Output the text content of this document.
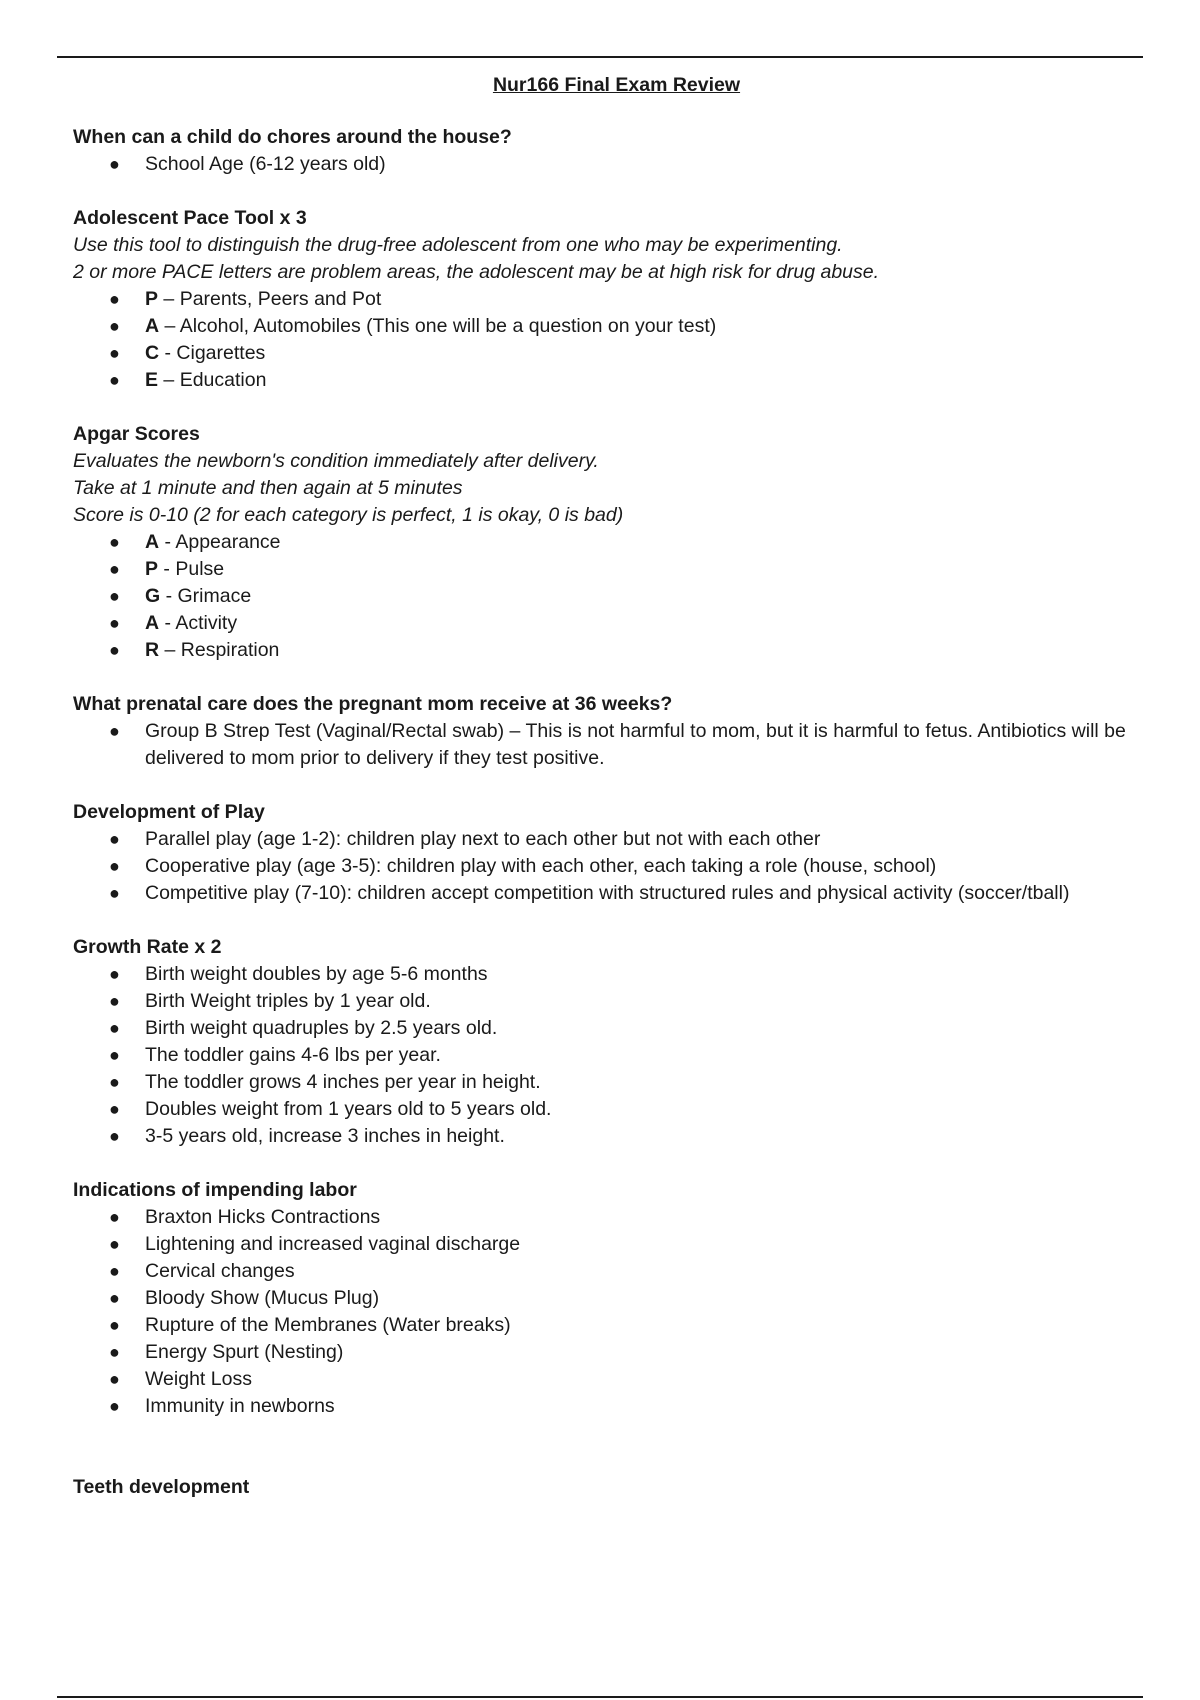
Nur166 Final Exam Review
When can a child do chores around the house?
● School Age (6-12 years old)
Adolescent Pace Tool x 3
Use this tool to distinguish the drug-free adolescent from one who may be experimenting.
2 or more PACE letters are problem areas, the adolescent may be at high risk for drug abuse.
● P – Parents, Peers and Pot
● A – Alcohol, Automobiles (This one will be a question on your test)
● C - Cigarettes
● E – Education
Apgar Scores
Evaluates the newborn's condition immediately after delivery.
Take at 1 minute and then again at 5 minutes
Score is 0-10 (2 for each category is perfect, 1 is okay, 0 is bad)
● A - Appearance
● P - Pulse
● G - Grimace
● A - Activity
● R – Respiration
What prenatal care does the pregnant mom receive at 36 weeks?
● Group B Strep Test (Vaginal/Rectal swab) – This is not harmful to mom, but it is harmful to fetus. Antibiotics will be delivered to mom prior to delivery if they test positive.
Development of Play
● Parallel play (age 1-2): children play next to each other but not with each other
● Cooperative play (age 3-5): children play with each other, each taking a role (house, school)
● Competitive play (7-10): children accept competition with structured rules and physical activity (soccer/tball)
Growth Rate x 2
● Birth weight doubles by age 5-6 months
● Birth Weight triples by 1 year old.
● Birth weight quadruples by 2.5 years old.
● The toddler gains 4-6 lbs per year.
● The toddler grows 4 inches per year in height.
● Doubles weight from 1 years old to 5 years old.
● 3-5 years old, increase 3 inches in height.
Indications of impending labor
● Braxton Hicks Contractions
● Lightening and increased vaginal discharge
● Cervical changes
● Bloody Show (Mucus Plug)
● Rupture of the Membranes (Water breaks)
● Energy Spurt (Nesting)
● Weight Loss
● Immunity in newborns
Teeth development
